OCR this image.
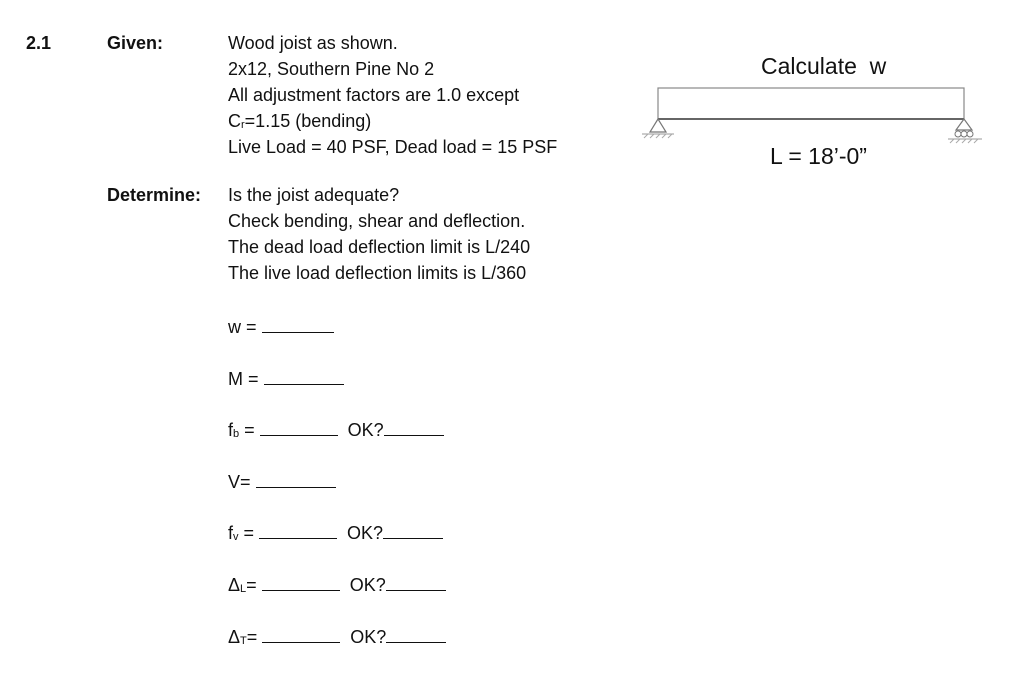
2.1	Given:	Wood joist as shown.
2x12, Southern Pine No 2
All adjustment factors are 1.0 except
Cr=1.15 (bending)
Live Load = 40 PSF, Dead load = 15 PSF
Determine: Is the joist adequate?
Check bending, shear and deflection.
The dead load deflection limit is L/240
The live load deflection limits is L/360
w =
M =
fb =	OK?
V=
fv =	OK?
ΔL=	OK?
ΔT=	OK?
Calculate  w
L = 18’-0”
